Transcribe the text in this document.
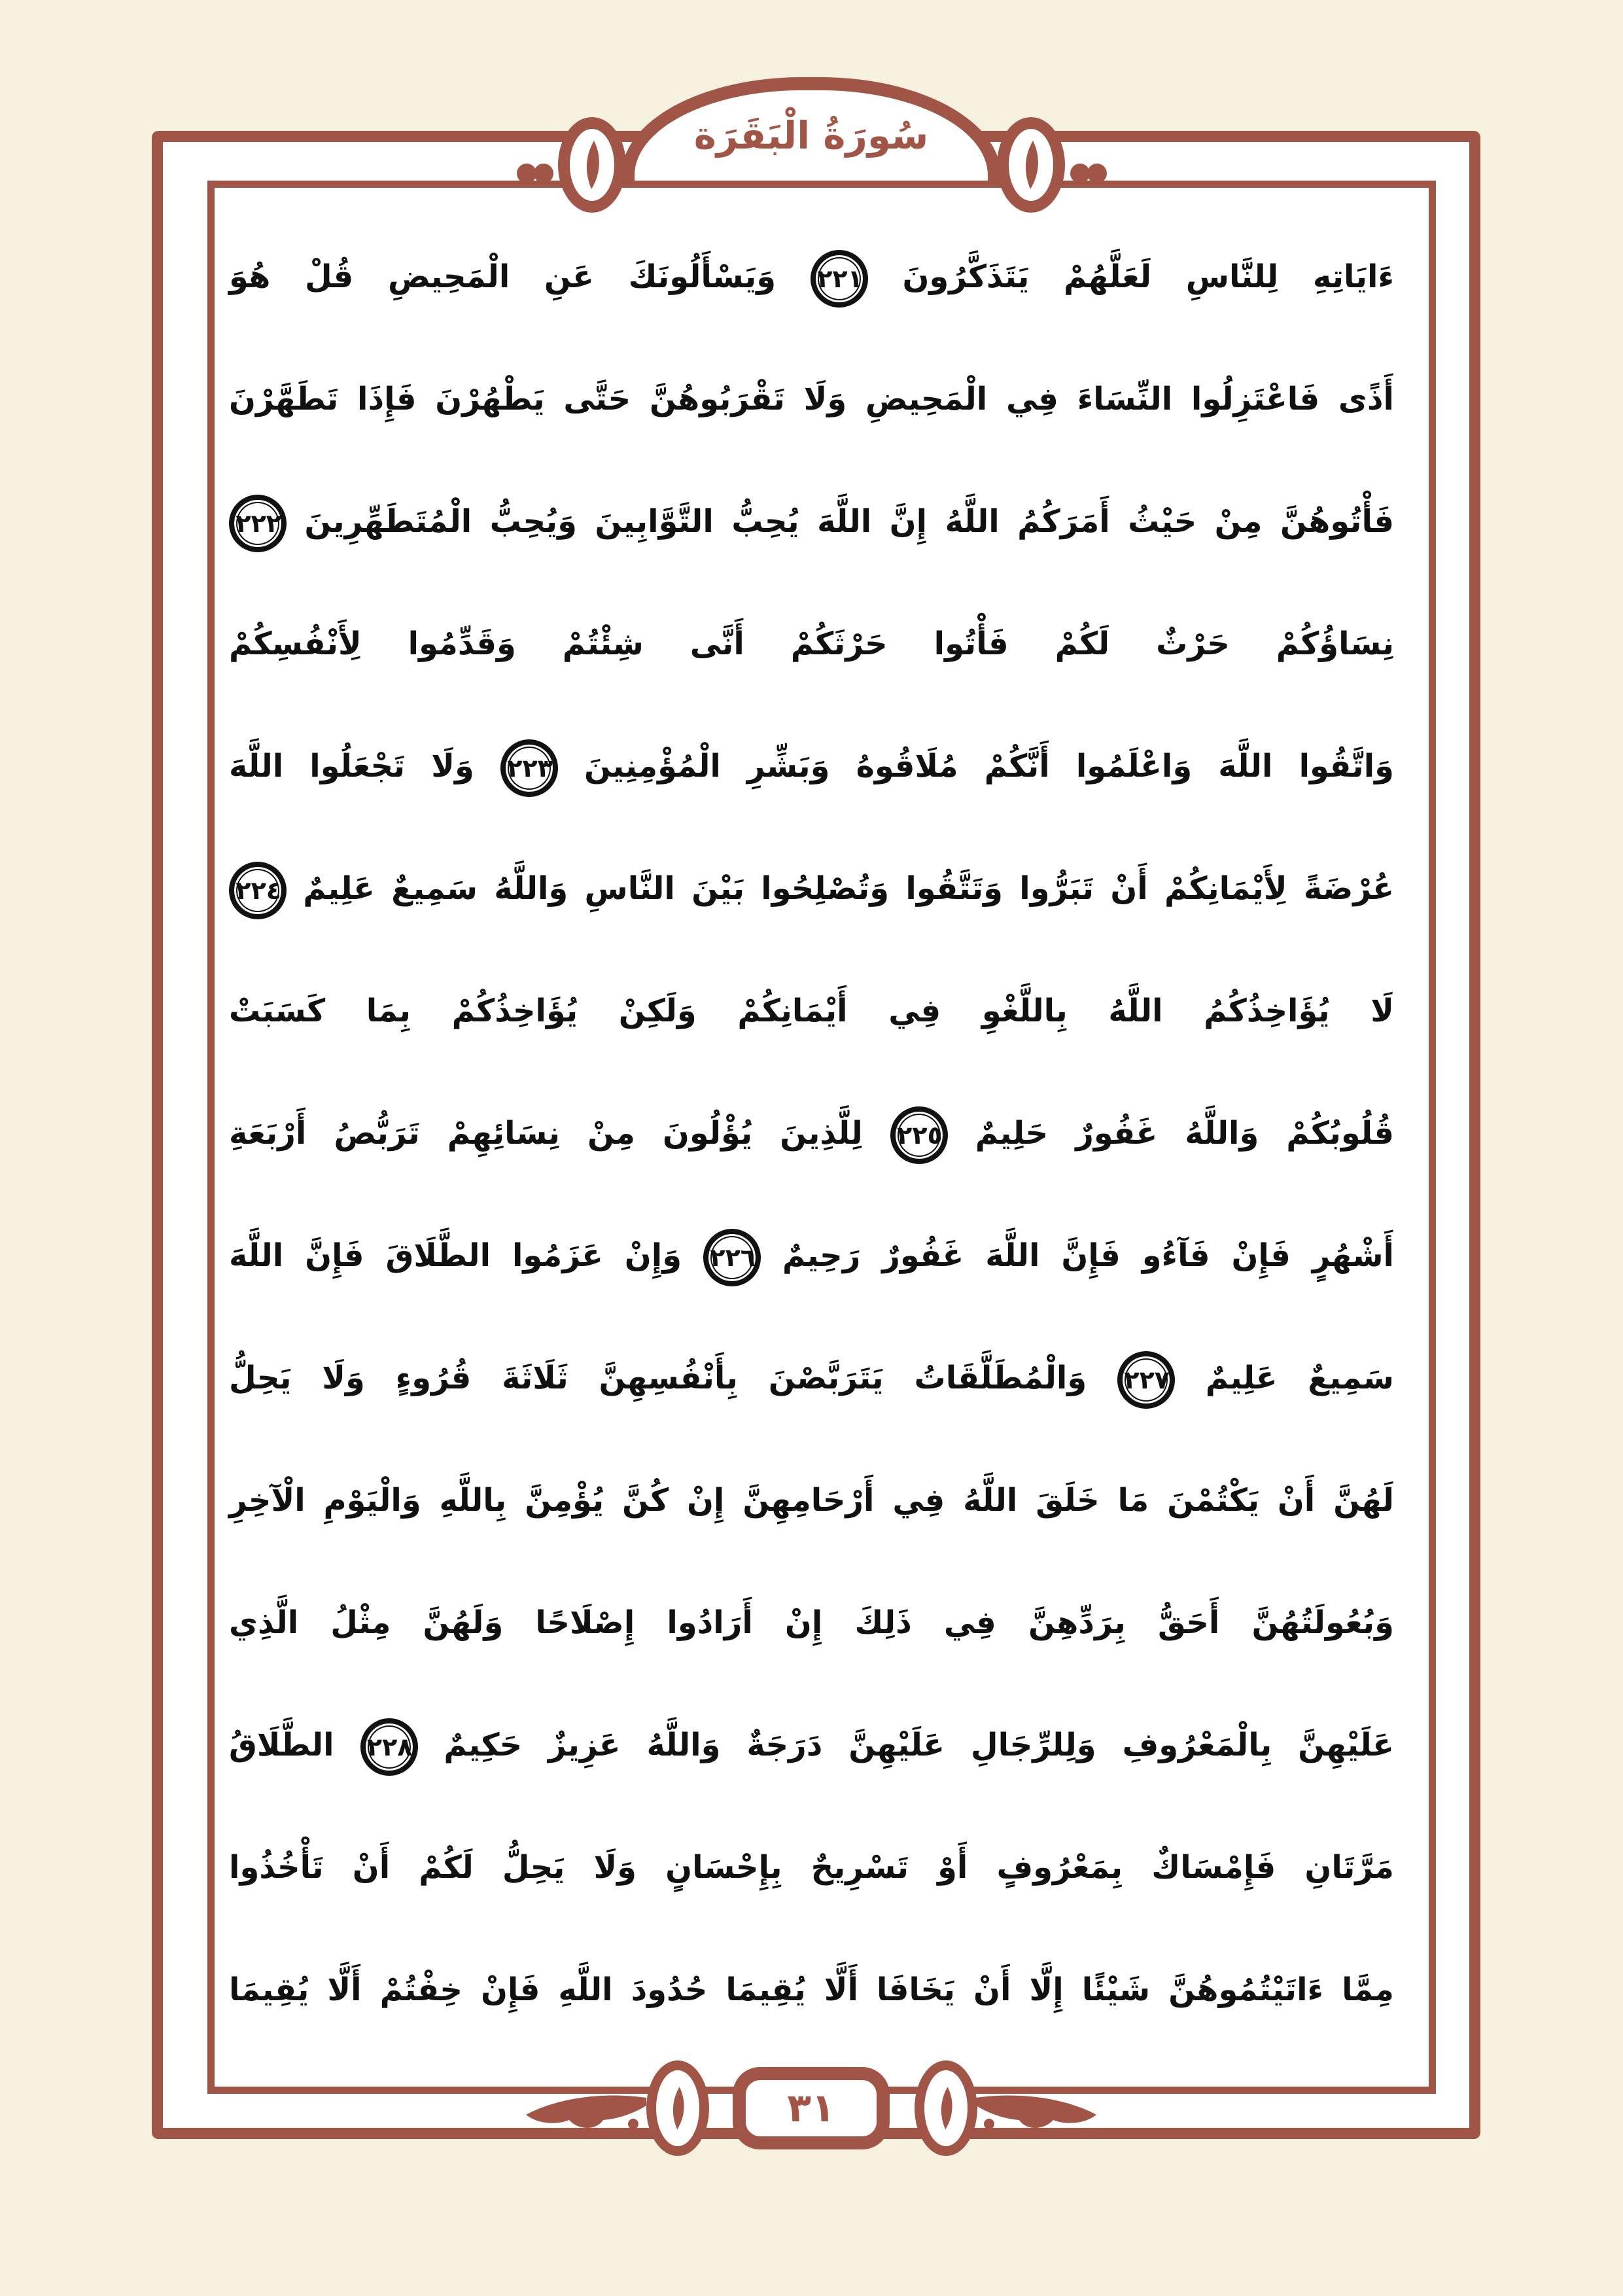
سُورَةُ الْبَقَرَة
ءَايَاتِهِ لِلنَّاسِ لَعَلَّهُمْ يَتَذَكَّرُونَ
٢٢١
وَيَسْأَلُونَكَ عَنِ الْمَحِيضِ قُلْ هُوَ
أَذًى فَاعْتَزِلُوا النِّسَاءَ فِي الْمَحِيضِ وَلَا تَقْرَبُوهُنَّ حَتَّى يَطْهُرْنَ فَإِذَا تَطَهَّرْنَ
فَأْتُوهُنَّ مِنْ حَيْثُ أَمَرَكُمُ اللَّهُ إِنَّ اللَّهَ يُحِبُّ التَّوَّابِينَ وَيُحِبُّ الْمُتَطَهِّرِينَ
٢٢٢
نِسَاؤُكُمْ حَرْثٌ لَكُمْ فَأْتُوا حَرْثَكُمْ أَنَّى شِئْتُمْ وَقَدِّمُوا لِأَنْفُسِكُمْ
وَاتَّقُوا اللَّهَ وَاعْلَمُوا أَنَّكُمْ مُلَاقُوهُ وَبَشِّرِ الْمُؤْمِنِينَ
٢٢٣
وَلَا تَجْعَلُوا اللَّهَ
عُرْضَةً لِأَيْمَانِكُمْ أَنْ تَبَرُّوا وَتَتَّقُوا وَتُصْلِحُوا بَيْنَ النَّاسِ وَاللَّهُ سَمِيعٌ عَلِيمٌ
٢٢٤
لَا يُؤَاخِذُكُمُ اللَّهُ بِاللَّغْوِ فِي أَيْمَانِكُمْ وَلَكِنْ يُؤَاخِذُكُمْ بِمَا كَسَبَتْ
قُلُوبُكُمْ وَاللَّهُ غَفُورٌ حَلِيمٌ
٢٢٥
لِلَّذِينَ يُؤْلُونَ مِنْ نِسَائِهِمْ تَرَبُّصُ أَرْبَعَةِ
أَشْهُرٍ فَإِنْ فَآءُو فَإِنَّ اللَّهَ غَفُورٌ رَحِيمٌ
٢٢٦
وَإِنْ عَزَمُوا الطَّلَاقَ فَإِنَّ اللَّهَ
سَمِيعٌ عَلِيمٌ
٢٢٧
وَالْمُطَلَّقَاتُ يَتَرَبَّصْنَ بِأَنْفُسِهِنَّ ثَلَاثَةَ قُرُوءٍ وَلَا يَحِلُّ
لَهُنَّ أَنْ يَكْتُمْنَ مَا خَلَقَ اللَّهُ فِي أَرْحَامِهِنَّ إِنْ كُنَّ يُؤْمِنَّ بِاللَّهِ وَالْيَوْمِ الْآخِرِ
وَبُعُولَتُهُنَّ أَحَقُّ بِرَدِّهِنَّ فِي ذَلِكَ إِنْ أَرَادُوا إِصْلَاحًا وَلَهُنَّ مِثْلُ الَّذِي
عَلَيْهِنَّ بِالْمَعْرُوفِ وَلِلرِّجَالِ عَلَيْهِنَّ دَرَجَةٌ وَاللَّهُ عَزِيزٌ حَكِيمٌ
٢٢٨
الطَّلَاقُ
مَرَّتَانِ فَإِمْسَاكٌ بِمَعْرُوفٍ أَوْ تَسْرِيحٌ بِإِحْسَانٍ وَلَا يَحِلُّ لَكُمْ أَنْ تَأْخُذُوا
مِمَّا ءَاتَيْتُمُوهُنَّ شَيْئًا إِلَّا أَنْ يَخَافَا أَلَّا يُقِيمَا حُدُودَ اللَّهِ فَإِنْ خِفْتُمْ أَلَّا يُقِيمَا
٣١
